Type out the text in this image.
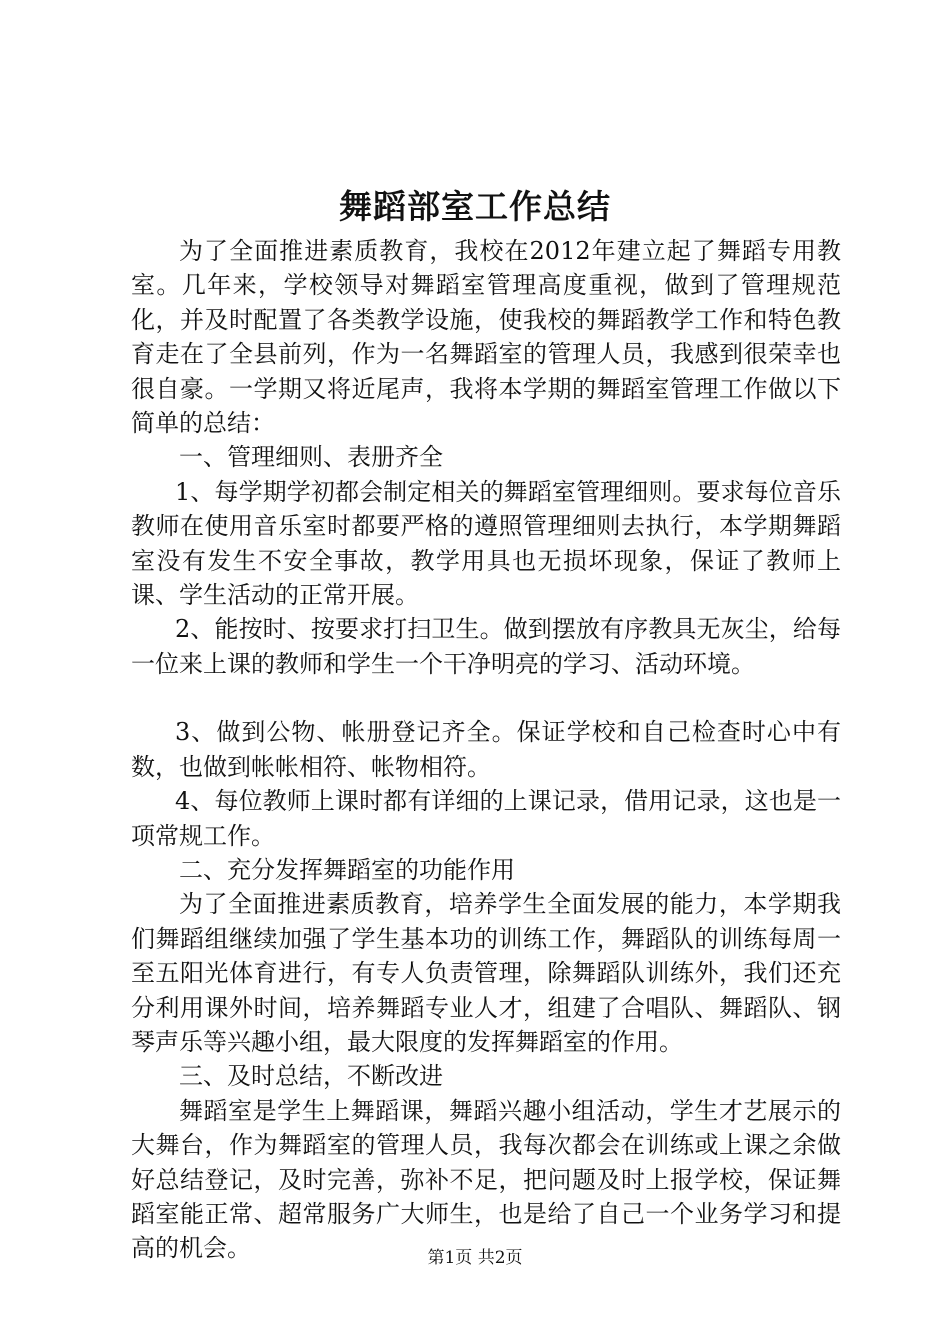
舞蹈部室工作总结

为了全面推进素质教育，我校在2012年建立起了舞蹈专用教室。几年来，学校领导对舞蹈室管理高度重视，做到了管理规范化，并及时配置了各类教学设施，使我校的舞蹈教学工作和特色教育走在了全县前列，作为一名舞蹈室的管理人员，我感到很荣幸也很自豪。一学期又将近尾声，我将本学期的舞蹈室管理工作做以下简单的总结：

一、管理细则、表册齐全

1、每学期学初都会制定相关的舞蹈室管理细则。要求每位音乐教师在使用音乐室时都要严格的遵照管理细则去执行，本学期舞蹈室没有发生不安全事故，教学用具也无损坏现象，保证了教师上课、学生活动的正常开展。

2、能按时、按要求打扫卫生。做到摆放有序教具无灰尘，给每一位来上课的教师和学生一个干净明亮的学习、活动环境。

3、做到公物、帐册登记齐全。保证学校和自己检查时心中有数，也做到帐帐相符、帐物相符。

4、每位教师上课时都有详细的上课记录，借用记录，这也是一项常规工作。

二、充分发挥舞蹈室的功能作用

为了全面推进素质教育，培养学生全面发展的能力，本学期我们舞蹈组继续加强了学生基本功的训练工作，舞蹈队的训练每周一至五阳光体育进行，有专人负责管理，除舞蹈队训练外，我们还充分利用课外时间，培养舞蹈专业人才，组建了合唱队、舞蹈队、钢琴声乐等兴趣小组，最大限度的发挥舞蹈室的作用。

三、及时总结，不断改进

舞蹈室是学生上舞蹈课，舞蹈兴趣小组活动，学生才艺展示的大舞台，作为舞蹈室的管理人员，我每次都会在训练或上课之余做好总结登记，及时完善，弥补不足，把问题及时上报学校，保证舞蹈室能正常、超常服务广大师生，也是给了自己一个业务学习和提高的机会。	第1页 共2页
